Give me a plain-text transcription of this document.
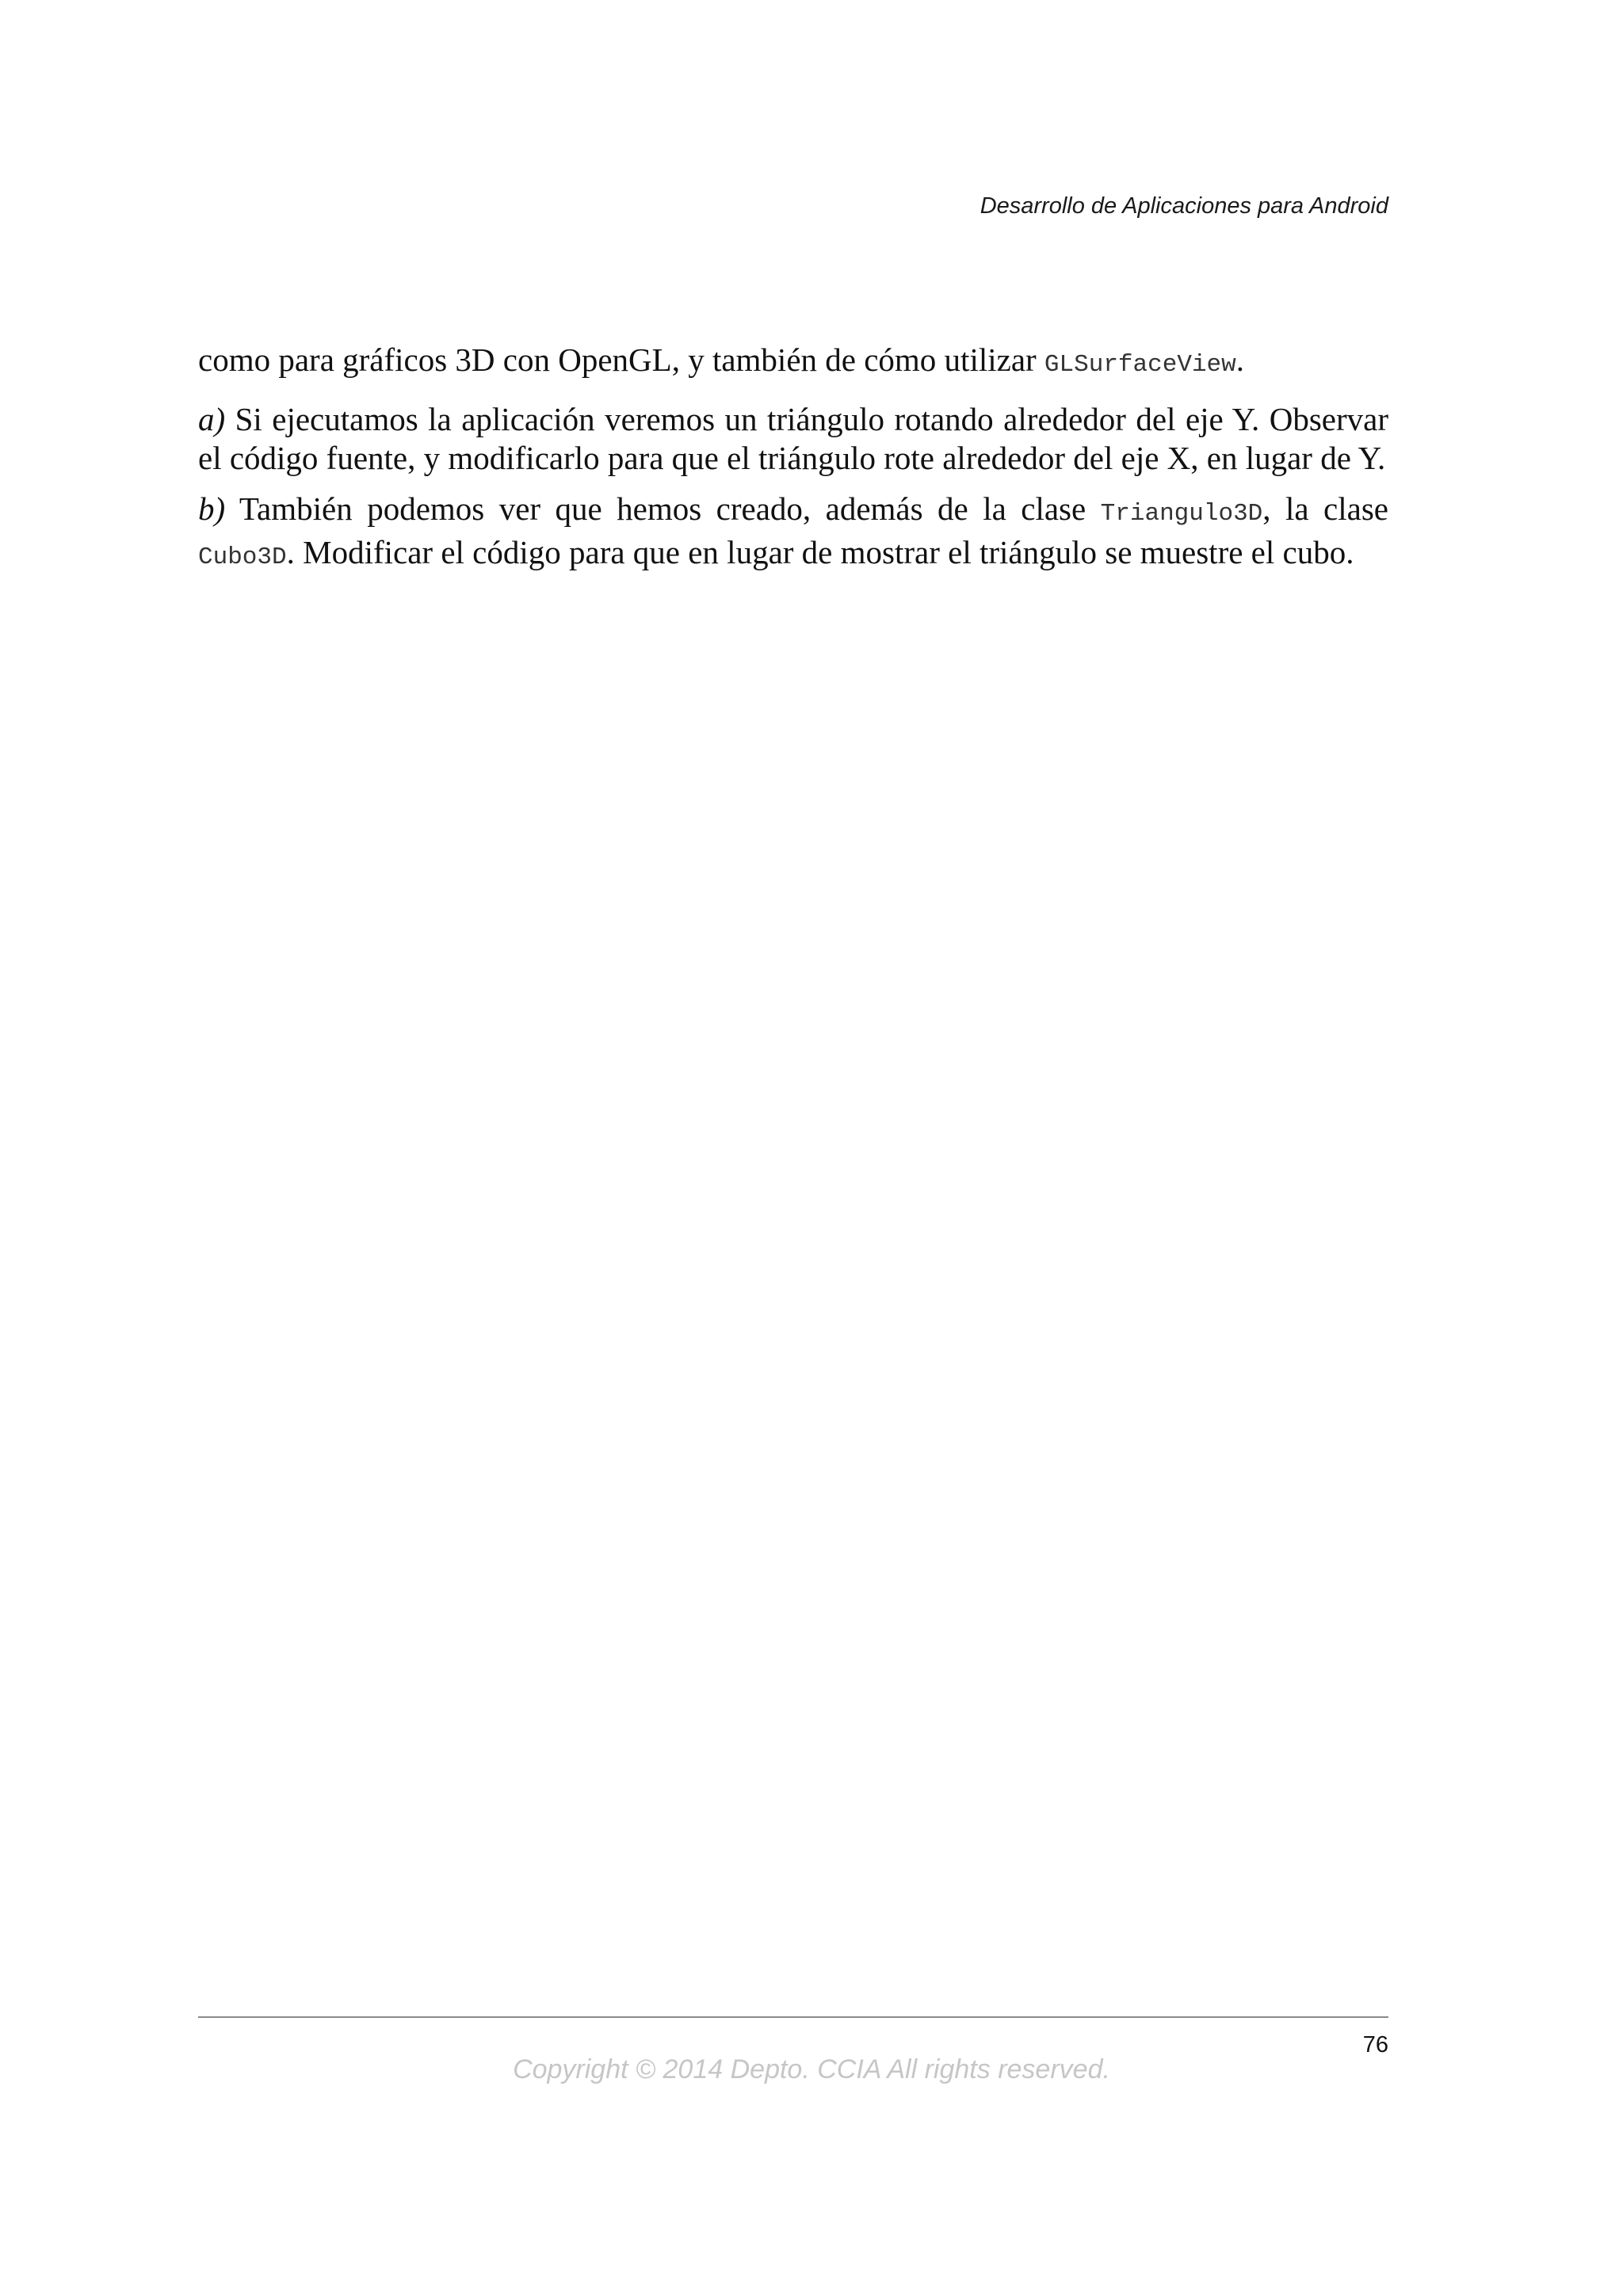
Desarrollo de Aplicaciones para Android

como para gráficos 3D con OpenGL, y también de cómo utilizar GLSurfaceView.

a) Si ejecutamos la aplicación veremos un triángulo rotando alrededor del eje Y. Observar el código fuente, y modificarlo para que el triángulo rote alrededor del eje X, en lugar de Y.

b) También podemos ver que hemos creado, además de la clase Triangulo3D, la clase Cubo3D. Modificar el código para que en lugar de mostrar el triángulo se muestre el cubo.

76
Copyright © 2014 Depto. CCIA All rights reserved.
